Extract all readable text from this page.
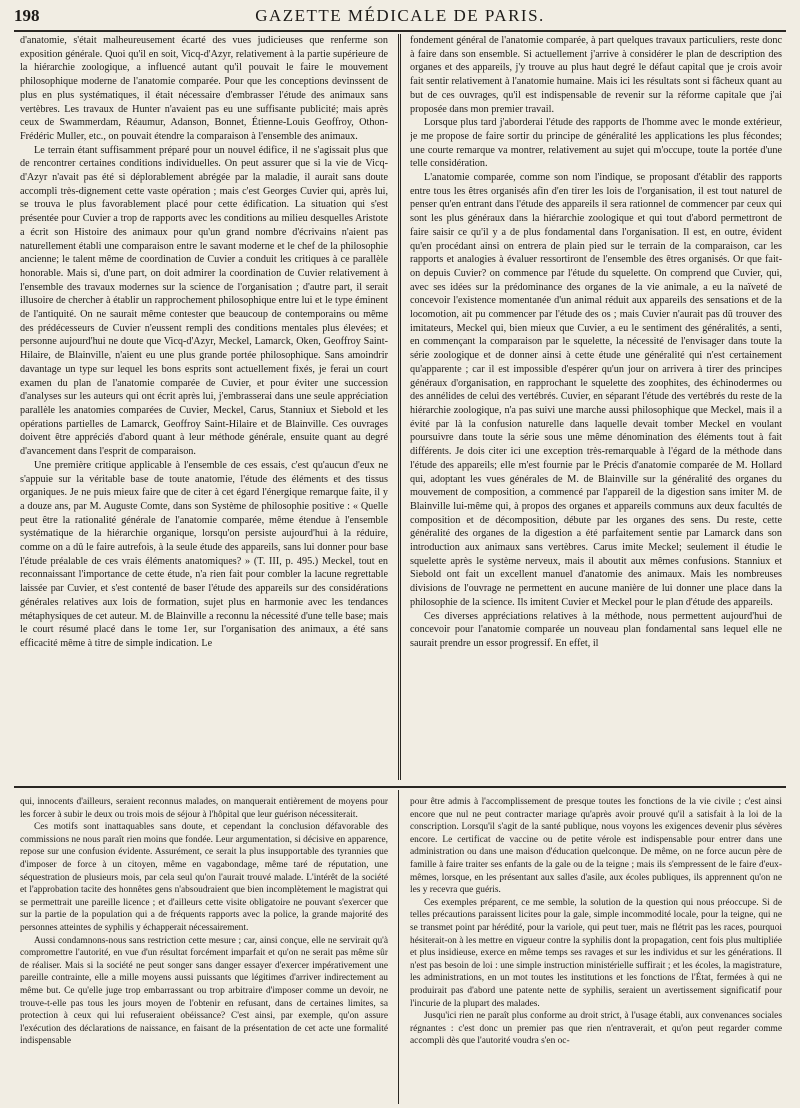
198	GAZETTE MÉDICALE DE PARIS.

d'anatomie, s'était malheureusement écarté des vues judicieuses que renferme son exposition générale. Quoi qu'il en soit, Vicq-d'Azyr, relativement à la partie supérieure de la hiérarchie zoologique, a influencé autant qu'il pouvait le faire le mouvement philosophique moderne de l'anatomie comparée. Pour que les conceptions devinssent de plus en plus systématiques, il était nécessaire d'embrasser l'étude des animaux sans vertèbres. Les travaux de Hunter n'avaient pas eu une suffisante publicité; mais après ceux de Swammerdam, Réaumur, Adanson, Bonnet, Étienne-Louis Geoffroy, Othon-Frédéric Muller, etc., on pouvait étendre la comparaison à l'ensemble des animaux.

Le terrain étant suffisamment préparé pour un nouvel édifice, il ne s'agissait plus que de rencontrer certaines conditions individuelles. On peut assurer que si la vie de Vicq-d'Azyr n'avait pas été si déplorablement abrégée par la maladie, il aurait sans doute accompli très-dignement cette vaste opération ; mais c'est Georges Cuvier qui, après lui, se trouva le plus favorablement placé pour cette édification. La situation qui s'est présentée pour Cuvier a trop de rapports avec les conditions au milieu desquelles Aristote a écrit son Histoire des animaux pour qu'un grand nombre d'écrivains n'aient pas naturellement établi une comparaison entre le savant moderne et le chef de la philosophie ancienne; le talent même de coordination de Cuvier a conduit les critiques à ce parallèle honorable. Mais si, d'une part, on doit admirer la coordination de Cuvier relativement à l'ensemble des travaux modernes sur la science de l'organisation ; d'autre part, il serait illusoire de chercher à établir un rapprochement philosophique entre lui et le type éminent de l'antiquité. On ne saurait même contester que beaucoup de contemporains ou même des prédécesseurs de Cuvier n'eussent rempli des conditions mentales plus élevées; et personne aujourd'hui ne doute que Vicq-d'Azyr, Meckel, Lamarck, Oken, Geoffroy Saint-Hilaire, de Blainville, n'aient eu une plus grande portée philosophique. Sans amoindrir davantage un type sur lequel les bons esprits sont actuellement fixés, je ferai un court examen du plan de l'anatomie comparée de Cuvier, et pour éviter une succession d'analyses sur les auteurs qui ont écrit après lui, j'embrasserai dans une seule appréciation parallèle les anatomies comparées de Cuvier, Meckel, Carus, Stanniux et Siebold et les opérations partielles de Lamarck, Geoffroy Saint-Hilaire et de Blainville. Ces ouvrages doivent être appréciés d'abord quant à leur méthode générale, ensuite quant au degré d'avancement dans l'esprit de comparaison.

Une première critique applicable à l'ensemble de ces essais, c'est qu'aucun d'eux ne s'appuie sur la véritable base de toute anatomie, l'étude des éléments et des tissus organiques. Je ne puis mieux faire que de citer à cet égard l'énergique remarque faite, il y a douze ans, par M. Auguste Comte, dans son Système de philosophie positive : « Quelle peut être la rationalité générale de l'anatomie comparée, même étendue à l'ensemble systématique de la hiérarchie organique, lorsqu'on persiste aujourd'hui à la réduire, comme on a dû le faire autrefois, à la seule étude des appareils, sans lui donner pour base l'étude préalable de ces vrais éléments anatomiques? » (T. III, p. 495.) Meckel, tout en reconnaissant l'importance de cette étude, n'a rien fait pour combler la lacune regrettable laissée par Cuvier, et s'est contenté de baser l'étude des appareils sur des considérations générales relatives aux lois de formation, sujet plus en harmonie avec les tendances métaphysiques de cet auteur. M. de Blainville a reconnu la nécessité d'une telle base; mais le court résumé placé dans le tome 1er, sur l'organisation des animaux, a été sans efficacité même à titre de simple indication. Le

fondement général de l'anatomie comparée, à part quelques travaux particuliers, reste donc à faire dans son ensemble. Si actuellement j'arrive à considérer le plan de description des organes et des appareils, j'y trouve au plus haut degré le défaut capital que je crois avoir fait sentir relativement à l'anatomie humaine. Mais ici les résultats sont si fâcheux quant au but de ces ouvrages, qu'il est indispensable de revenir sur la réforme capitale que j'ai proposée dans mon premier travail.

Lorsque plus tard j'aborderai l'étude des rapports de l'homme avec le monde extérieur, je me propose de faire sortir du principe de généralité les applications les plus fécondes; une courte remarque va montrer, relativement au sujet qui m'occupe, toute la portée d'une telle considération.

L'anatomie comparée, comme son nom l'indique, se proposant d'établir des rapports entre tous les êtres organisés afin d'en tirer les lois de l'organisation, il est tout naturel de penser qu'en entrant dans l'étude des appareils il sera rationnel de commencer par ceux qui sont les plus généraux dans la hiérarchie zoologique et qui tout d'abord permettront de faire saisir ce qu'il y a de plus fondamental dans l'organisation. Il est, en outre, évident qu'en procédant ainsi on entrera de plain pied sur le terrain de la comparaison, car les rapports et analogies à évaluer ressortiront de l'ensemble des êtres organisés. Or que fait-on depuis Cuvier? on commence par l'étude du squelette. On comprend que Cuvier, qui, avec ses idées sur la prédominance des organes de la vie animale, a eu la naïveté de concevoir l'existence momentanée d'un animal réduit aux appareils des sensations et de la locomotion, ait pu commencer par l'étude des os ; mais Cuvier n'aurait pas dû trouver des imitateurs, Meckel qui, bien mieux que Cuvier, a eu le sentiment des généralités, a senti, en commençant la comparaison par le squelette, la nécessité de l'envisager dans toute la série zoologique et de donner ainsi à cette étude une généralité qui n'est certainement qu'apparente ; car il est impossible d'espérer qu'un jour on arrivera à tirer des principes généraux d'organisation, en rapprochant le squelette des zoophites, des échinodermes ou des annélides de celui des vertébrés. Cuvier, en séparant l'étude des vertébrés du reste de la hiérarchie zoologique, n'a pas suivi une marche aussi philosophique que Meckel, mais il a évité par là la confusion naturelle dans laquelle devait tomber Meckel en voulant poursuivre dans toute la série sous une même dénomination des éléments tout à fait différents. Je dois citer ici une exception très-remarquable à l'égard de la méthode dans l'étude des appareils; elle m'est fournie par le Précis d'anatomie comparée de M. Hollard qui, adoptant les vues générales de M. de Blainville sur la généralité des organes du mouvement de composition, a commencé par l'appareil de la digestion sans imiter M. de Blainville lui-même qui, à propos des organes et appareils communs aux deux facultés de composition et de décomposition, débute par les organes des sens. Du reste, cette généralité des organes de la digestion a été parfaitement sentie par Lamarck dans son introduction aux animaux sans vertèbres. Carus imite Meckel; seulement il étudie le squelette après le système nerveux, mais il aboutit aux mêmes confusions. Stanniux et Siebold ont fait un excellent manuel d'anatomie des animaux. Mais les nombreuses divisions de l'ouvrage ne permettent en aucune manière de lui donner une place dans la philosophie de la science. Ils imitent Cuvier et Meckel pour le plan d'étude des appareils.

Ces diverses appréciations relatives à la méthode, nous permettent aujourd'hui de concevoir pour l'anatomie comparée un nouveau plan fondamental sans lequel elle ne saurait prendre un essor progressif. En effet, il

qui, innocents d'ailleurs, seraient reconnus malades, on manquerait entièrement de moyens pour les forcer à subir le deux ou trois mois de séjour à l'hôpital que leur guérison nécessiterait.

Ces motifs sont inattaquables sans doute, et cependant la conclusion défavorable des commissions ne nous paraît rien moins que fondée. Leur argumentation, si décisive en apparence, repose sur une confusion évidente. Assurément, ce serait la plus insupportable des tyrannies que d'imposer de force à un citoyen, même en vagabondage, même taré de réputation, une séquestration de plusieurs mois, par cela seul qu'on l'aurait trouvé malade. L'intérêt de la société et l'approbation tacite des honnêtes gens n'absoudraient que bien incomplètement le magistrat qui se permettrait une pareille licence ; et d'ailleurs cette visite obligatoire ne pouvant s'exercer que sur la partie de la population qui a de fréquents rapports avec la police, la grande majorité des personnes atteintes de syphilis y échapperait nécessairement.

Aussi condamnons-nous sans restriction cette mesure ; car, ainsi conçue, elle ne servirait qu'à compromettre l'autorité, en vue d'un résultat forcément imparfait et qu'on ne serait pas même sûr de réaliser. Mais si la société ne peut songer sans danger essayer d'exercer impérativement une pareille contrainte, elle a mille moyens aussi puissants que légitimes d'arriver indirectement au même but. Ce qu'elle juge trop embarrassant ou trop arbitraire d'imposer comme un devoir, ne trouve-t-elle pas tous les jours moyen de l'obtenir en refusant, dans de certaines limites, sa protection à ceux qui lui refuseraient obéissance? C'est ainsi, par exemple, qu'on assure l'exécution des déclarations de naissance, en faisant de la présentation de cet acte une formalité indispensable

pour être admis à l'accomplissement de presque toutes les fonctions de la vie civile ; c'est ainsi encore que nul ne peut contracter mariage qu'après avoir prouvé qu'il a satisfait à la loi de la conscription. Lorsqu'il s'agit de la santé publique, nous voyons les exigences devenir plus sévères encore. Le certificat de vaccine ou de petite vérole est indispensable pour entrer dans une administration ou dans une maison d'éducation quelconque. De même, on ne force aucun père de famille à faire traiter ses enfants de la gale ou de la teigne ; mais ils s'empressent de le faire d'eux-mêmes, lorsque, en les présentant aux salles d'asile, aux écoles publiques, ils apprennent qu'on ne les y recevra que guéris.

Ces exemples préparent, ce me semble, la solution de la question qui nous préoccupe. Si de telles précautions paraissent licites pour la gale, simple incommodité locale, pour la teigne, qui ne se transmet point par hérédité, pour la variole, qui peut tuer, mais ne flétrit pas les races, pourquoi hésiterait-on à les mettre en vigueur contre la syphilis dont la propagation, cent fois plus multipliée et plus insidieuse, exerce en même temps ses ravages et sur les individus et sur les générations. Il n'est pas besoin de loi : une simple instruction ministérielle suffirait ; et les écoles, la magistrature, les administrations, en un mot toutes les institutions et les fonctions de l'État, fermées à qui ne produirait pas d'abord une patente nette de syphilis, seraient un avertissement significatif pour l'incurie de la plupart des malades.

Jusqu'ici rien ne paraît plus conforme au droit strict, à l'usage établi, aux convenances sociales régnantes : c'est donc un premier pas que rien n'entraverait, et qu'on peut regarder comme accompli dès que l'autorité voudra s'en oc-
